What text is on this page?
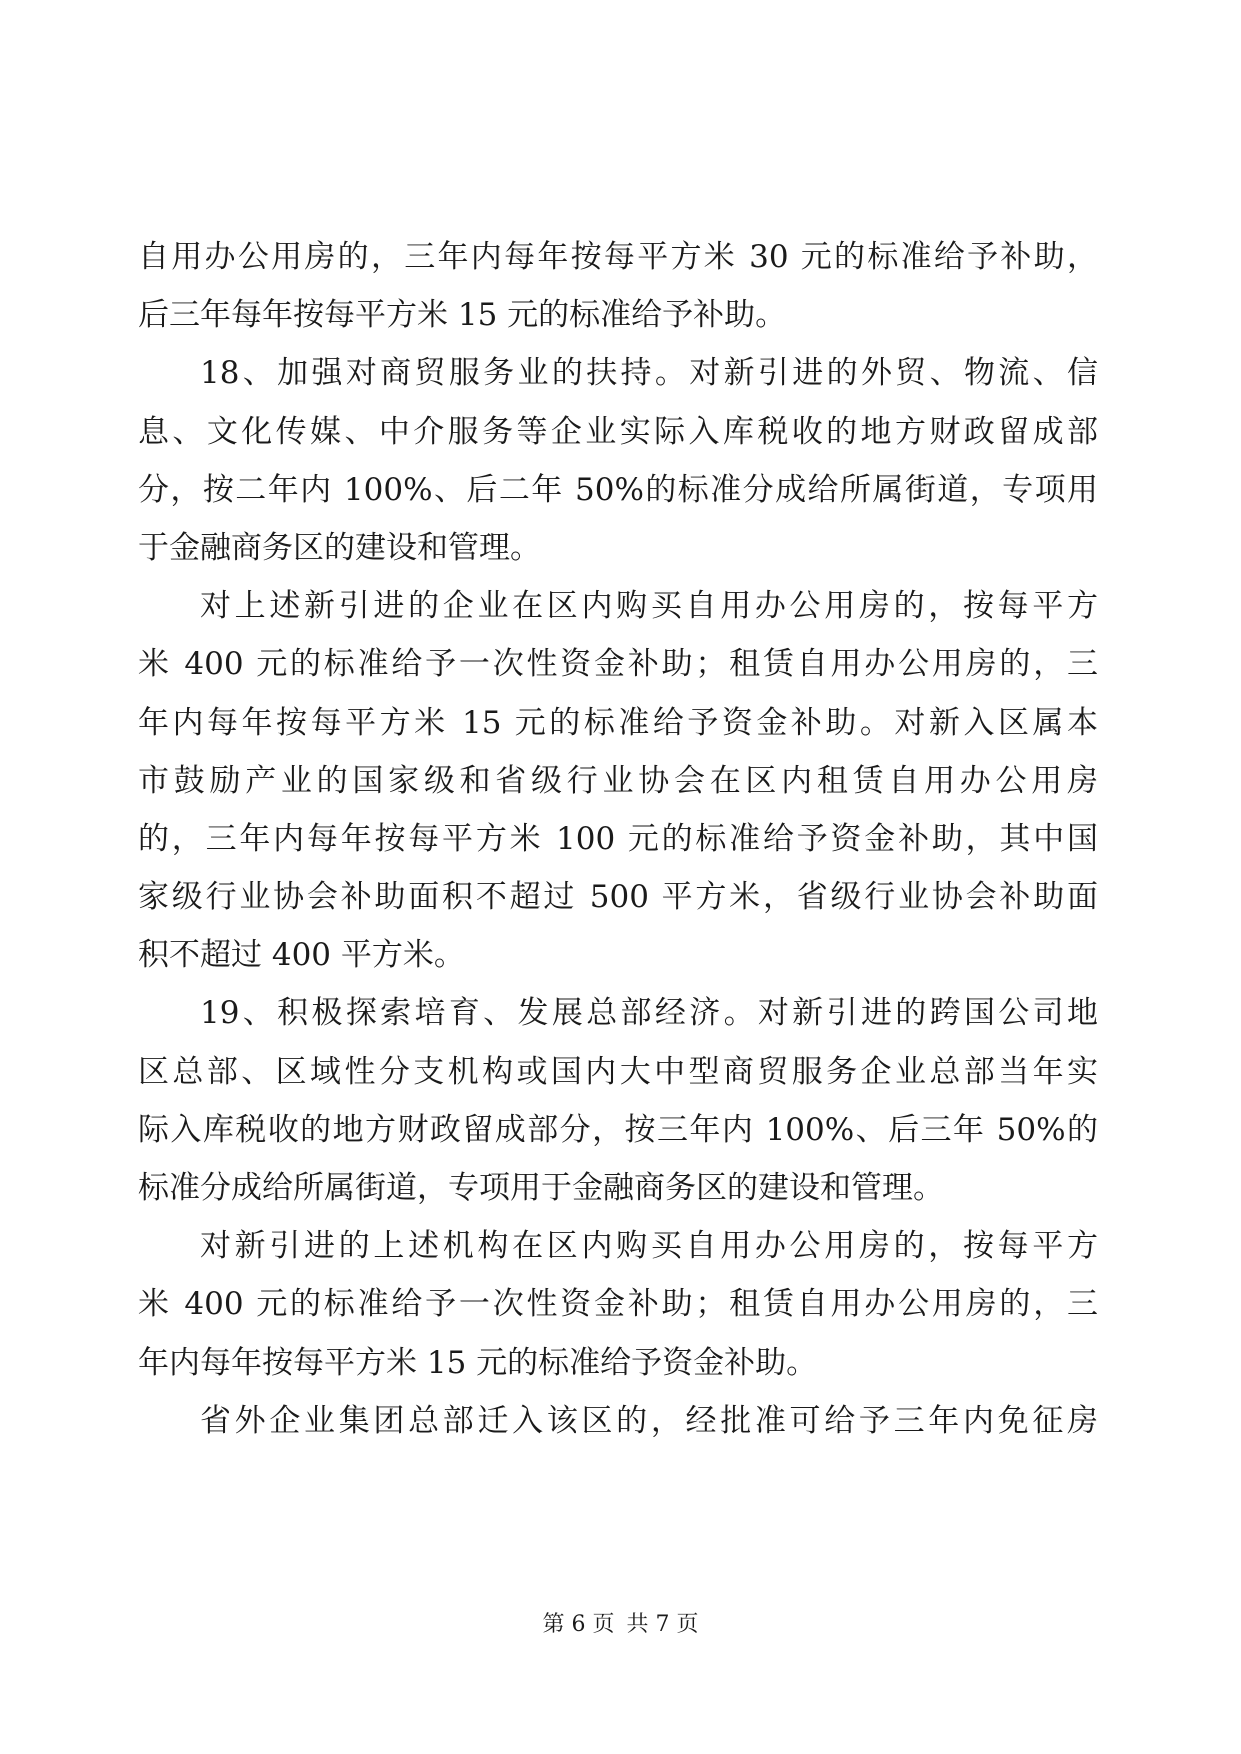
自用办公用房的，三年内每年按每平方米 30 元的标准给予补助，
后三年每年按每平方米 15 元的标准给予补助。
18、加强对商贸服务业的扶持。对新引进的外贸、物流、信
息、文化传媒、中介服务等企业实际入库税收的地方财政留成部
分，按二年内 100%、后二年 50%的标准分成给所属街道，专项用
于金融商务区的建设和管理。
对上述新引进的企业在区内购买自用办公用房的，按每平方
米 400 元的标准给予一次性资金补助；租赁自用办公用房的，三
年内每年按每平方米 15 元的标准给予资金补助。对新入区属本
市鼓励产业的国家级和省级行业协会在区内租赁自用办公用房
的，三年内每年按每平方米 100 元的标准给予资金补助，其中国
家级行业协会补助面积不超过 500 平方米，省级行业协会补助面
积不超过 400 平方米。
19、积极探索培育、发展总部经济。对新引进的跨国公司地
区总部、区域性分支机构或国内大中型商贸服务企业总部当年实
际入库税收的地方财政留成部分，按三年内 100%、后三年 50%的
标准分成给所属街道，专项用于金融商务区的建设和管理。
对新引进的上述机构在区内购买自用办公用房的，按每平方
米 400 元的标准给予一次性资金补助；租赁自用办公用房的，三
年内每年按每平方米 15 元的标准给予资金补助。
省外企业集团总部迁入该区的，经批准可给予三年内免征房
第 6 页 共 7 页
